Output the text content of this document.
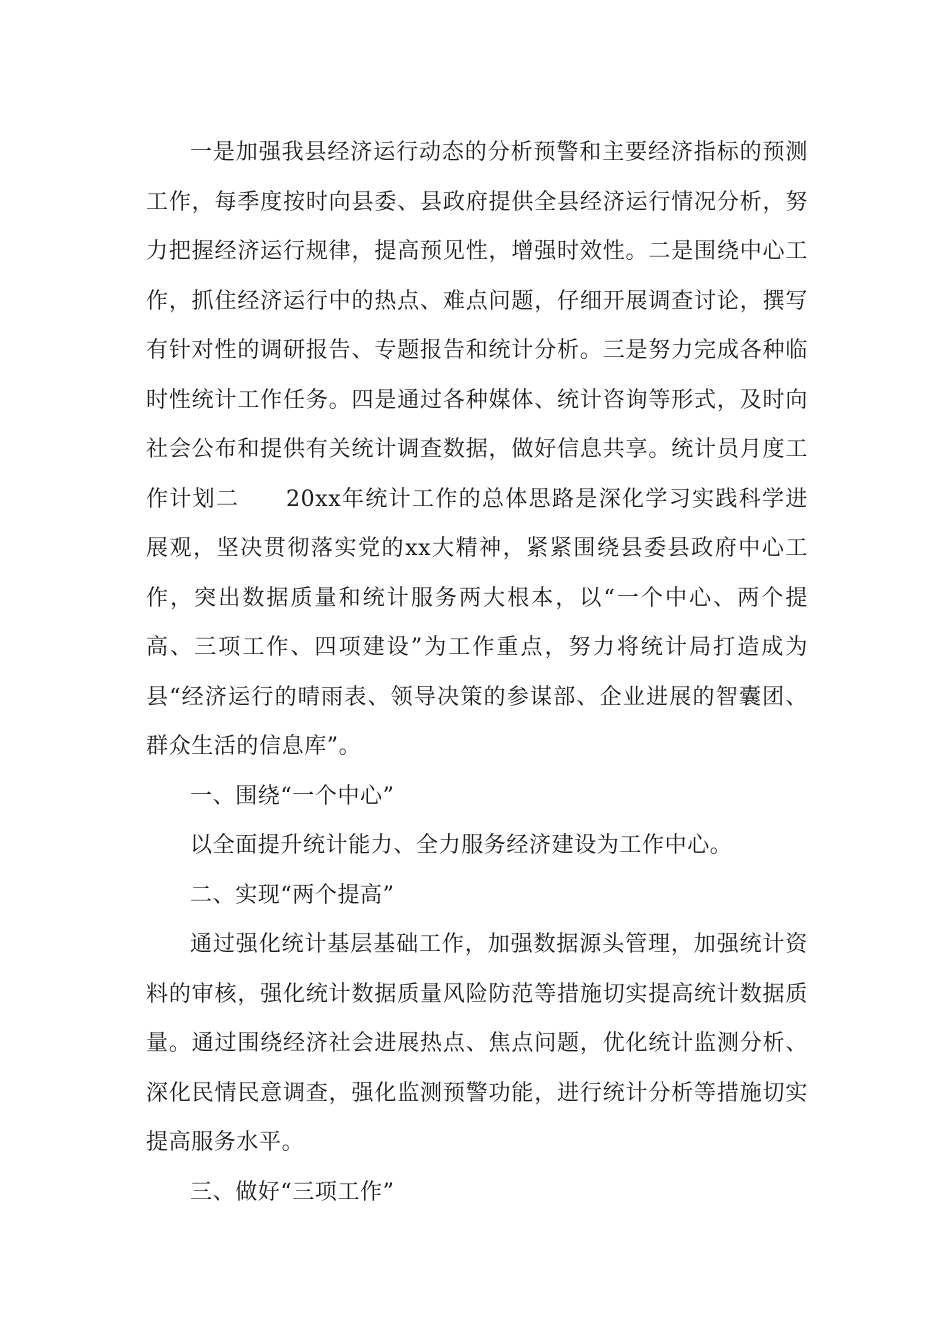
一是加强我县经济运行动态的分析预警和主要经济指标的预测工作，每季度按时向县委、县政府提供全县经济运行情况分析，努力把握经济运行规律，提高预见性，增强时效性。二是围绕中心工作，抓住经济运行中的热点、难点问题，仔细开展调查讨论，撰写有针对性的调研报告、专题报告和统计分析。三是努力完成各种临时性统计工作任务。四是通过各种媒体、统计咨询等形式，及时向社会公布和提供有关统计调查数据，做好信息共享。统计员月度工作计划二　　20xx年统计工作的总体思路是深化学习实践科学进展观，坚决贯彻落实党的xx大精神，紧紧围绕县委县政府中心工作，突出数据质量和统计服务两大根本，以“一个中心、两个提高、三项工作、四项建设”为工作重点，努力将统计局打造成为县“经济运行的晴雨表、领导决策的参谋部、企业进展的智囊团、群众生活的信息库”。

一、围绕“一个中心”

以全面提升统计能力、全力服务经济建设为工作中心。

二、实现“两个提高”

通过强化统计基层基础工作，加强数据源头管理，加强统计资料的审核，强化统计数据质量风险防范等措施切实提高统计数据质量。通过围绕经济社会进展热点、焦点问题，优化统计监测分析、深化民情民意调查，强化监测预警功能，进行统计分析等措施切实提高服务水平。

三、做好“三项工作”
